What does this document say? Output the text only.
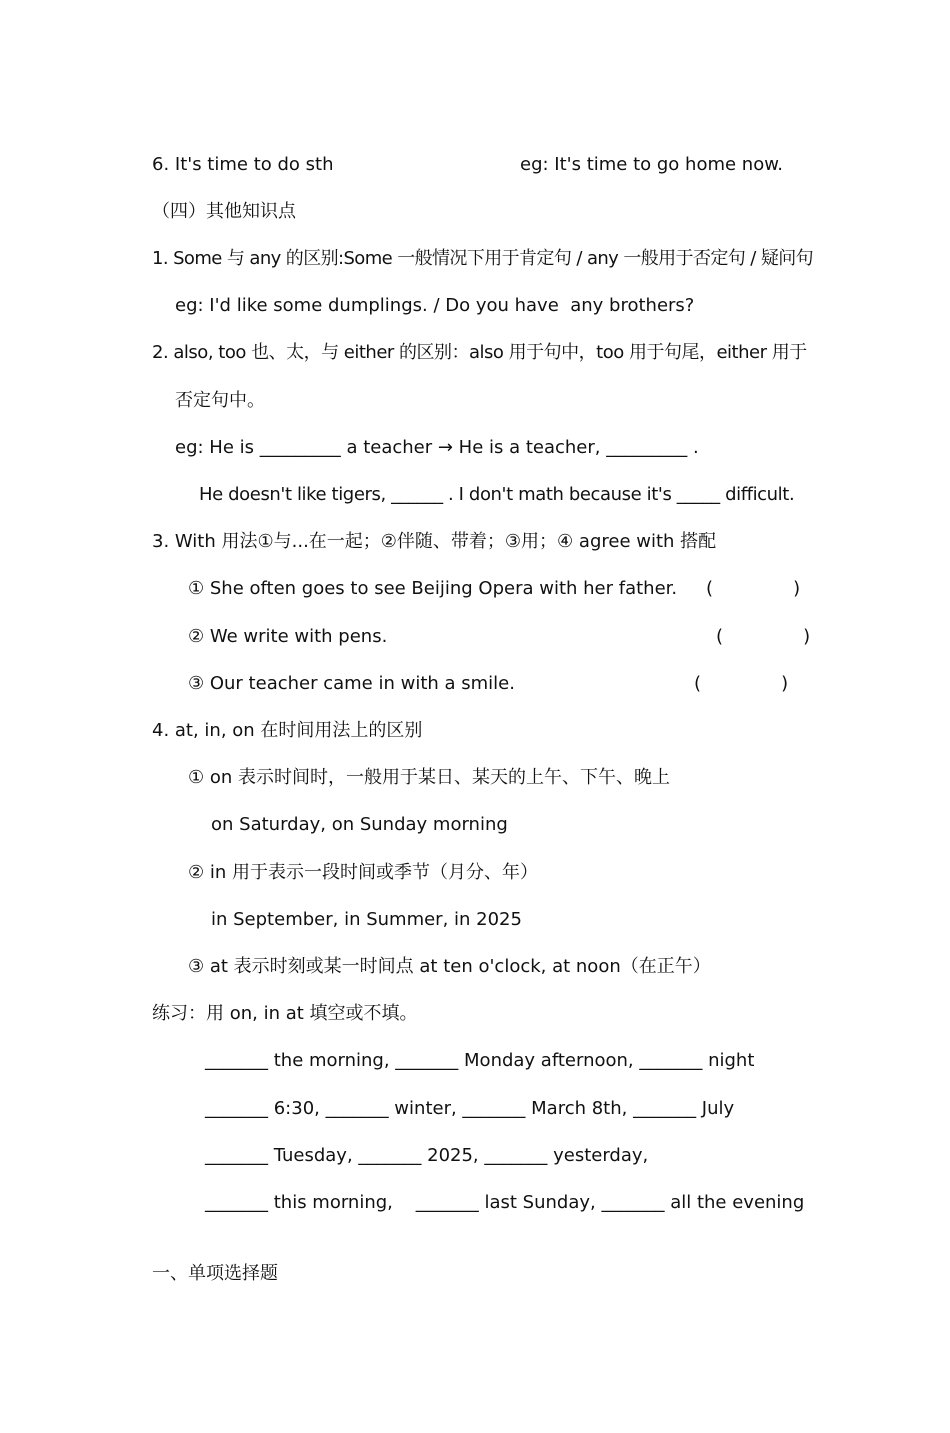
6. It's time to do sth	eg: It's time to go home now.
（四）其他知识点
1. Some 与 any 的区别:Some 一般情况下用于肯定句 / any 一般用于否定句 / 疑问句
eg: I'd like some dumplings. / Do you have  any brothers?
2. also, too 也、太，与 either 的区别：also 用于句中，too 用于句尾，either 用于
否定句中。
eg: He is _________ a teacher → He is a teacher, _________ .
He doesn't like tigers, ______ . I don't math because it's _____ difficult.
3. With 用法①与...在一起；②伴随、带着；③用；④ agree with 搭配
① She often goes to see Beijing Opera with her father. (              )
② We write with pens.	(              )
③ Our teacher came in with a smile.	(              )
4. at, in, on 在时间用法上的区别
① on 表示时间时，一般用于某日、某天的上午、下午、晚上
on Saturday, on Sunday morning
② in 用于表示一段时间或季节（月分、年）
in September, in Summer, in 2025
③ at 表示时刻或某一时间点 at ten o'clock, at noon（在正午）
练习：用 on, in at 填空或不填。
_______ the morning, _______ Monday afternoon, _______ night
_______ 6:30, _______ winter, _______ March 8th, _______ July
_______ Tuesday, _______ 2025, _______ yesterday,
_______ this morning,    _______ last Sunday, _______ all the evening
一、单项选择题
